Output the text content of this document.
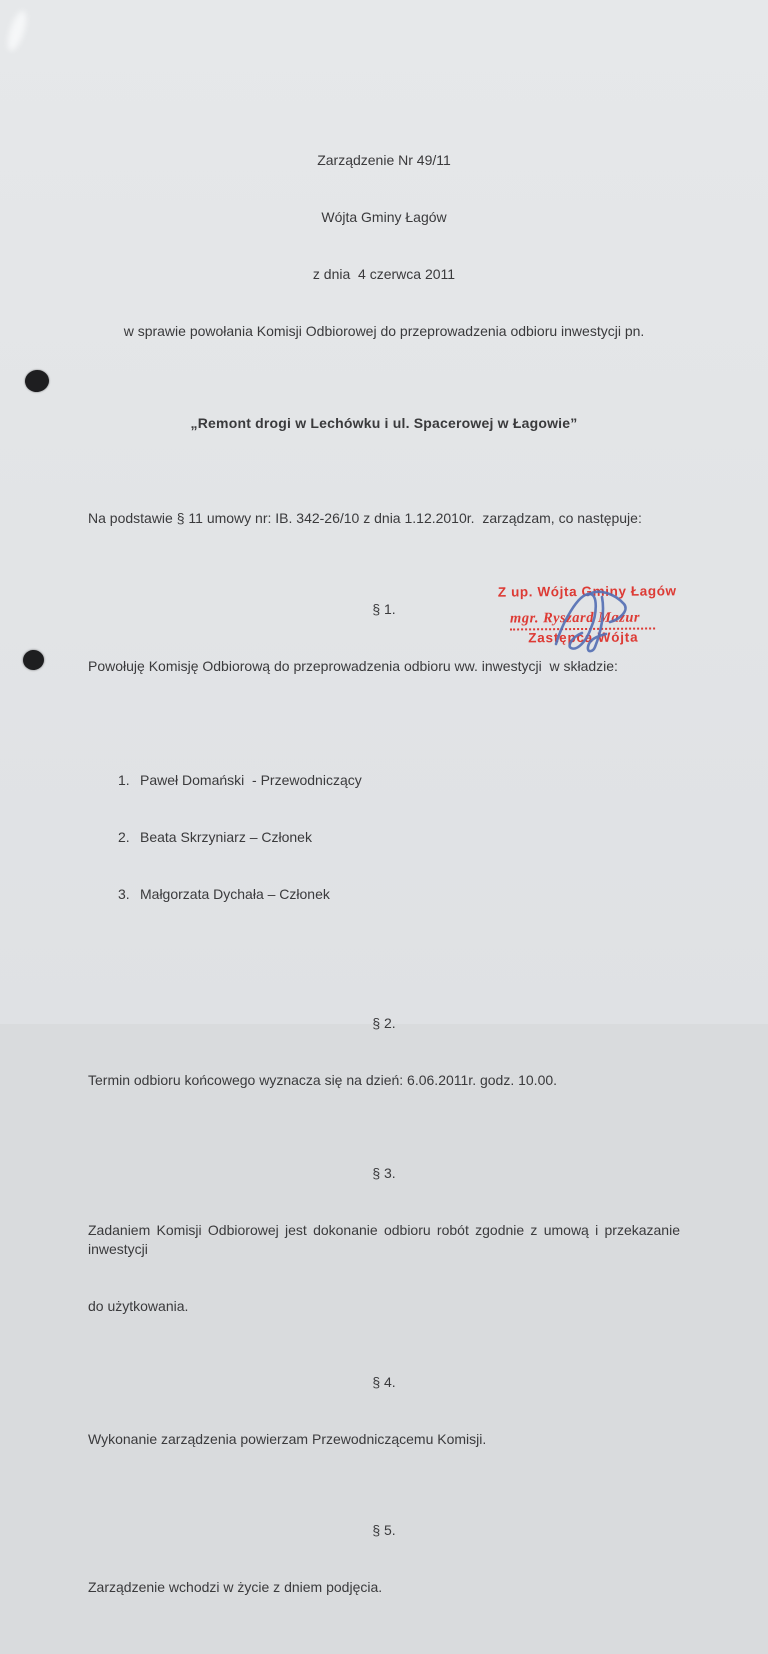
Zarządzenie Nr 49/11

Wójta Gminy Łagów

z dnia  4 czerwca 2011

w sprawie powołania Komisji Odbiorowej do przeprowadzenia odbioru inwestycji pn.

„Remont drogi w Lechówku i ul. Spacerowej w Łagowie”

Na podstawie § 11 umowy nr: IB. 342-26/10 z dnia 1.12.2010r.  zarządzam, co następuje:

§ 1.

Powołuję Komisję Odbiorową do przeprowadzenia odbioru ww. inwestycji  w składzie:

1. Paweł Domański  - Przewodniczący

2. Beata Skrzyniarz – Członek

3. Małgorzata Dychała – Członek

§ 2.

Termin odbioru końcowego wyznacza się na dzień: 6.06.2011r. godz. 10.00.

§ 3.

Zadaniem Komisji Odbiorowej jest dokonanie odbioru robót zgodnie z umową i przekazanie inwestycji

do użytkowania.

§ 4.

Wykonanie zarządzenia powierzam Przewodniczącemu Komisji.

§ 5.

Zarządzenie wchodzi w życie z dniem podjęcia.

Z up. Wójta Gminy Łagów
mgr. Ryszard Mazur
Zastępca Wójta
